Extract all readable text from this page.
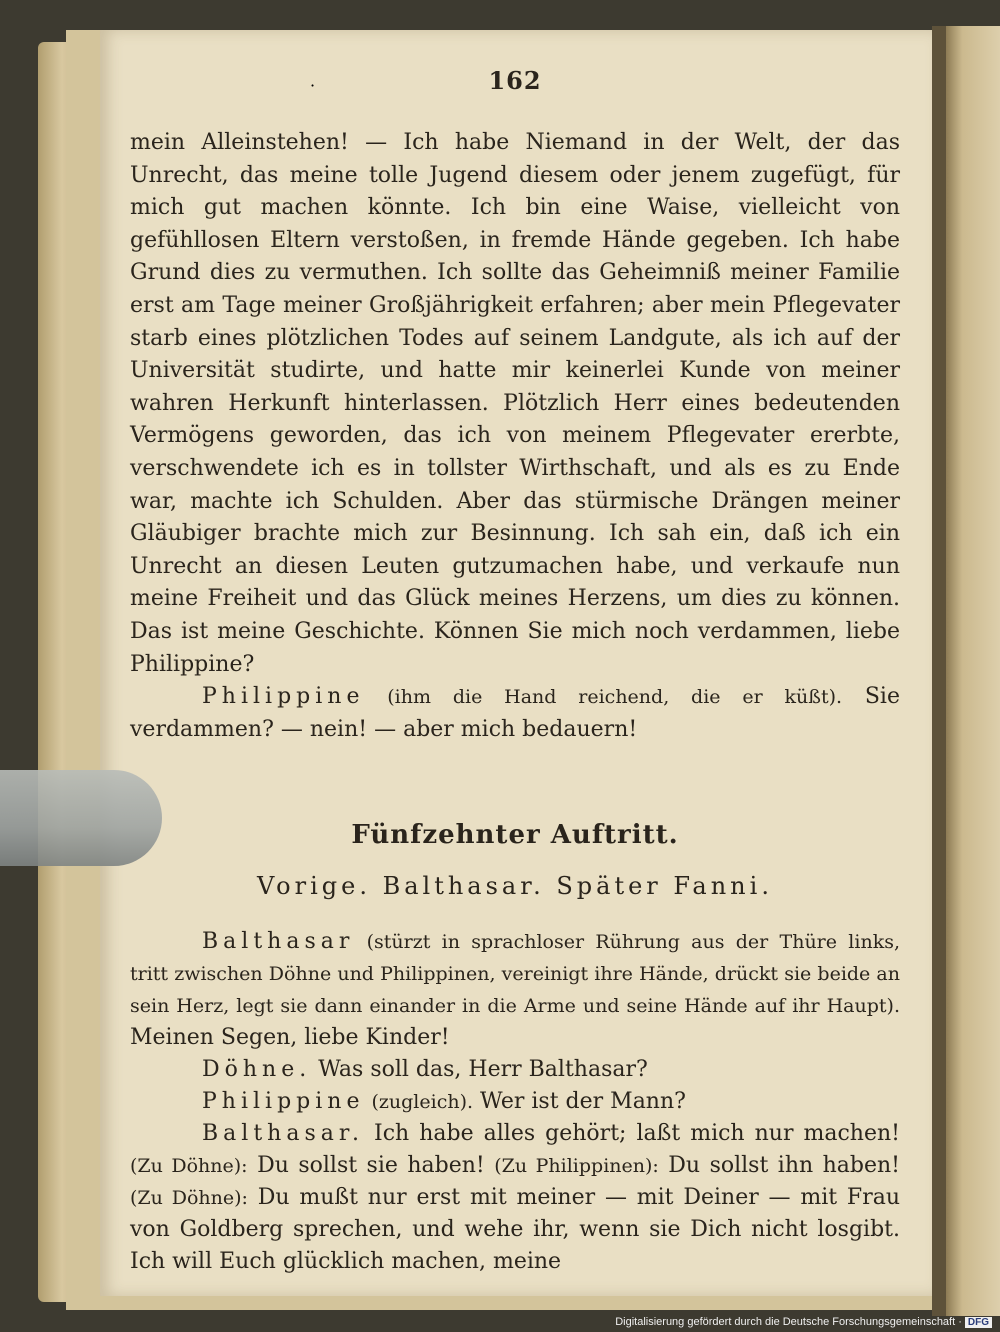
·	162

mein Alleinstehen! — Ich habe Niemand in der Welt, der das Unrecht, das meine tolle Jugend diesem oder jenem zugefügt, für mich gut machen könnte. Ich bin eine Waise, vielleicht von gefühllosen Eltern verstoßen, in fremde Hände gegeben. Ich habe Grund dies zu vermuthen. Ich sollte das Geheimniß meiner Familie erst am Tage meiner Großjährigkeit erfahren; aber mein Pflegevater starb eines plötzlichen Todes auf seinem Landgute, als ich auf der Universität studirte, und hatte mir keinerlei Kunde von meiner wahren Herkunft hinterlassen. Plötzlich Herr eines bedeutenden Vermögens geworden, das ich von meinem Pflegevater ererbte, verschwendete ich es in tollster Wirthschaft, und als es zu Ende war, machte ich Schulden. Aber das stürmische Drängen meiner Gläubiger brachte mich zur Besinnung. Ich sah ein, daß ich ein Unrecht an diesen Leuten gutzumachen habe, und verkaufe nun meine Freiheit und das Glück meines Herzens, um dies zu können. Das ist meine Geschichte. Können Sie mich noch verdammen, liebe Philippine?

Philippine (ihm die Hand reichend, die er küßt). Sie verdammen? — nein! — aber mich bedauern!

Fünfzehnter Auftritt.
Vorige. Balthasar. Später Fanni.

Balthasar (stürzt in sprachloser Rührung aus der Thüre links, tritt zwischen Döhne und Philippinen, vereinigt ihre Hände, drückt sie beide an sein Herz, legt sie dann einander in die Arme und seine Hände auf ihr Haupt). Meinen Segen, liebe Kinder!

Döhne. Was soll das, Herr Balthasar?

Philippine (zugleich). Wer ist der Mann?

Balthasar. Ich habe alles gehört; laßt mich nur machen! (Zu Döhne): Du sollst sie haben! (Zu Philippinen): Du sollst ihn haben! (Zu Döhne): Du mußt nur erst mit meiner — mit Deiner — mit Frau von Goldberg sprechen, und wehe ihr, wenn sie Dich nicht losgibt. Ich will Euch glücklich machen, meine

Digitalisierung gefördert durch die Deutsche Forschungsgemeinschaft · DFG
